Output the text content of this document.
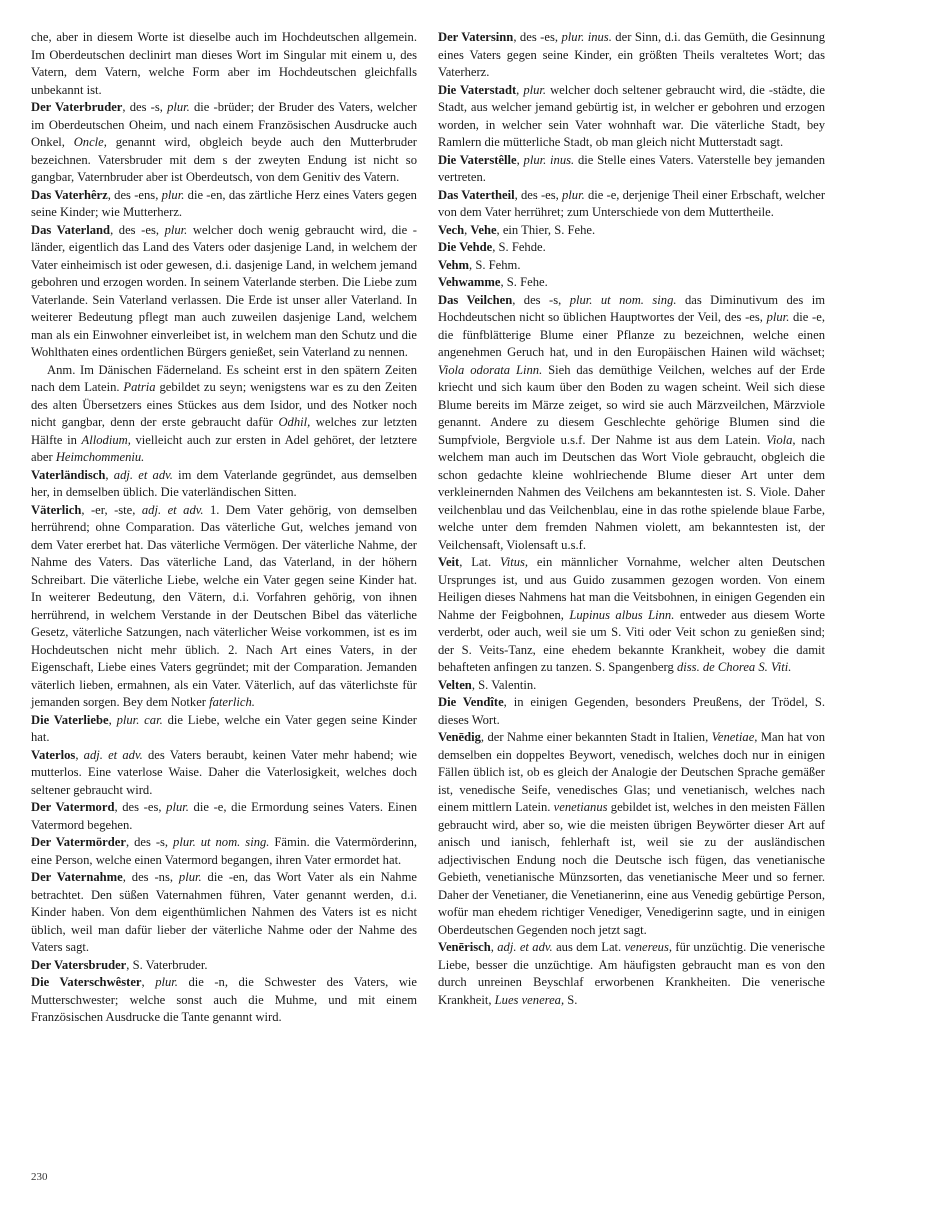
che, aber in diesem Worte ist dieselbe auch im Hochdeutschen allgemein. Im Oberdeutschen declinirt man dieses Wort im Singular mit einem u, des Vatern, dem Vatern, welche Form aber im Hochdeutschen gleichfalls unbekannt ist.

Der Vaterbruder, des -s, plur. die -brüder; der Bruder des Vaters, welcher im Oberdeutschen Oheim, und nach einem Französischen Ausdrucke auch Onkel, Oncle, genannt wird, obgleich beyde auch den Mutterbruder bezeichnen. Vatersbruder mit dem s der zweyten Endung ist nicht so gangbar, Vaternbruder aber ist Oberdeutsch, von dem Genitiv des Vatern.

Das Vaterhêrz, des -ens, plur. die -en, das zärtliche Herz eines Vaters gegen seine Kinder; wie Mutterherz.

Das Vaterland, des -es, plur. welcher doch wenig gebraucht wird, die -länder, eigentlich das Land des Vaters oder dasjenige Land, in welchem der Vater einheimisch ist oder gewesen, d.i. dasjenige Land, in welchem jemand gebohren und erzogen worden. In seinem Vaterlande sterben. Die Liebe zum Vaterlande. Sein Vaterland verlassen. Die Erde ist unser aller Vaterland. In weiterer Bedeutung pflegt man auch zuweilen dasjenige Land, welchem man als ein Einwohner einverleibet ist, in welchem man den Schutz und die Wohlthaten eines ordentlichen Bürgers genießet, sein Vaterland zu nennen.

Anm. Im Dänischen Fäderneland. Es scheint erst in den spätern Zeiten nach dem Latein. Patria gebildet zu seyn; wenigstens war es zu den Zeiten des alten Übersetzers eines Stückes aus dem Isidor, und des Notker noch nicht gangbar, denn der erste gebraucht dafür Odhil, welches zur letzten Hälfte in Allodium, vielleicht auch zur ersten in Adel gehöret, der letztere aber Heimchommeniu.

Vaterländisch, adj. et adv. im dem Vaterlande gegründet, aus demselben her, in demselben üblich. Die vaterländischen Sitten.

Väterlich, -er, -ste, adj. et adv. 1. Dem Vater gehörig, von demselben herrührend; ohne Comparation. Das väterliche Gut, welches jemand von dem Vater ererbet hat. Das väterliche Vermögen. Der väterliche Nahme, der Nahme des Vaters. Das väterliche Land, das Vaterland, in der höhern Schreibart. Die väterliche Liebe, welche ein Vater gegen seine Kinder hat. In weiterer Bedeutung, den Vätern, d.i. Vorfahren gehörig, von ihnen herrührend, in welchem Verstande in der Deutschen Bibel das väterliche Gesetz, väterliche Satzungen, nach väterlicher Weise vorkommen, ist es im Hochdeutschen nicht mehr üblich. 2. Nach Art eines Vaters, in der Eigenschaft, Liebe eines Vaters gegründet; mit der Comparation. Jemanden väterlich lieben, ermahnen, als ein Vater. Väterlich, auf das väterlichste für jemanden sorgen. Bey dem Notker faterlich.

Die Vaterliebe, plur. car. die Liebe, welche ein Vater gegen seine Kinder hat.

Vaterlos, adj. et adv. des Vaters beraubt, keinen Vater mehr habend; wie mutterlos. Eine vaterlose Waise. Daher die Vaterlosigkeit, welches doch seltener gebraucht wird.

Der Vatermord, des -es, plur. die -e, die Ermordung seines Vaters. Einen Vatermord begehen.

Der Vatermörder, des -s, plur. ut nom. sing. Fämin. die Vatermörderinn, eine Person, welche einen Vatermord begangen, ihren Vater ermordet hat.

Der Vaternahme, des -ns, plur. die -en, das Wort Vater als ein Nahme betrachtet. Den süßen Vaternahmen führen, Vater genannt werden, d.i. Kinder haben. Von dem eigenthümlichen Nahmen des Vaters ist es nicht üblich, weil man dafür lieber der väterliche Nahme oder der Nahme des Vaters sagt.

Der Vatersbruder, S. Vaterbruder.

Die Vaterschwêster, plur. die -n, die Schwester des Vaters, wie Mutterschwester; welche sonst auch die Muhme, und mit einem Französischen Ausdrucke die Tante genannt wird.

Der Vatersinn, des -es, plur. inus. der Sinn, d.i. das Gemüth, die Gesinnung eines Vaters gegen seine Kinder, ein größten Theils veraltetes Wort; das Vaterherz.

Die Vaterstadt, plur. welcher doch seltener gebraucht wird, die -städte, die Stadt, aus welcher jemand gebürtig ist, in welcher er gebohren und erzogen worden, in welcher sein Vater wohnhaft war. Die väterliche Stadt, bey Ramlern die mütterliche Stadt, ob man gleich nicht Mutterstadt sagt.

Die Vaterstêlle, plur. inus. die Stelle eines Vaters. Vaterstelle bey jemanden vertreten.

Das Vatertheil, des -es, plur. die -e, derjenige Theil einer Erbschaft, welcher von dem Vater herrühret; zum Unterschiede von dem Muttertheile.

Vech, Vehe, ein Thier, S. Fehe.

Die Vehde, S. Fehde.

Vehm, S. Fehm.

Vehwamme, S. Fehe.

Das Veilchen, des -s, plur. ut nom. sing. das Diminutivum des im Hochdeutschen nicht so üblichen Hauptwortes der Veil, des -es, plur. die -e, die fünfblätterige Blume einer Pflanze zu bezeichnen, welche einen angenehmen Geruch hat, und in den Europäischen Hainen wild wächset; Viola odorata Linn. Sieh das demüthige Veilchen, welches auf der Erde kriecht und sich kaum über den Boden zu wagen scheint. Weil sich diese Blume bereits im Märze zeiget, so wird sie auch Märzveilchen, Märzviole genannt. Andere zu diesem Geschlechte gehörige Blumen sind die Sumpfviole, Bergviole u.s.f. Der Nahme ist aus dem Latein. Viola, nach welchem man auch im Deutschen das Wort Viole gebraucht, obgleich die schon gedachte kleine wohlriechende Blume dieser Art unter dem verkleinernden Nahmen des Veilchens am bekanntesten ist. S. Viole. Daher veilchenblau und das Veilchenblau, eine in das rothe spielende blaue Farbe, welche unter dem fremden Nahmen violett, am bekanntesten ist, der Veilchensaft, Violensaft u.s.f.

Veit, Lat. Vitus, ein männlicher Vornahme, welcher alten Deutschen Ursprunges ist, und aus Guido zusammen gezogen worden. Von einem Heiligen dieses Nahmens hat man die Veitsbohnen, in einigen Gegenden ein Nahme der Feigbohnen, Lupinus albus Linn. entweder aus diesem Worte verderbt, oder auch, weil sie um S. Viti oder Veit schon zu genießen sind; der S. Veits-Tanz, eine ehedem bekannte Krankheit, wobey die damit behafteten anfingen zu tanzen. S. Spangenberg diss. de Chorea S. Viti.

Velten, S. Valentin.

Die Vendîte, in einigen Gegenden, besonders Preußens, der Trödel, S. dieses Wort.

Venēdig, der Nahme einer bekannten Stadt in Italien, Venetiae, Man hat von demselben ein doppeltes Beywort, venedisch, welches doch nur in einigen Fällen üblich ist, ob es gleich der Analogie der Deutschen Sprache gemäßer ist, venedische Seife, venedisches Glas; und venetianisch, welches nach einem mittlern Latein. venetianus gebildet ist, welches in den meisten Fällen gebraucht wird, aber so, wie die meisten übrigen Beywörter dieser Art auf anisch und ianisch, fehlerhaft ist, weil sie zu der ausländischen adjectivischen Endung noch die Deutsche isch fügen, das venetianische Gebieth, venetianische Münzsorten, das venetianische Meer und so ferner. Daher der Venetianer, die Venetianerinn, eine aus Venedig gebürtige Person, wofür man ehedem richtiger Venediger, Venedigerinn sagte, und in einigen Oberdeutschen Gegenden noch jetzt sagt.

Venērisch, adj. et adv. aus dem Lat. venereus, für unzüchtig. Die venerische Liebe, besser die unzüchtige. Am häufigsten gebraucht man es von den durch unreinen Beyschlaf erworbenen Krankheiten. Die venerische Krankheit, Lues venerea, S.

230
